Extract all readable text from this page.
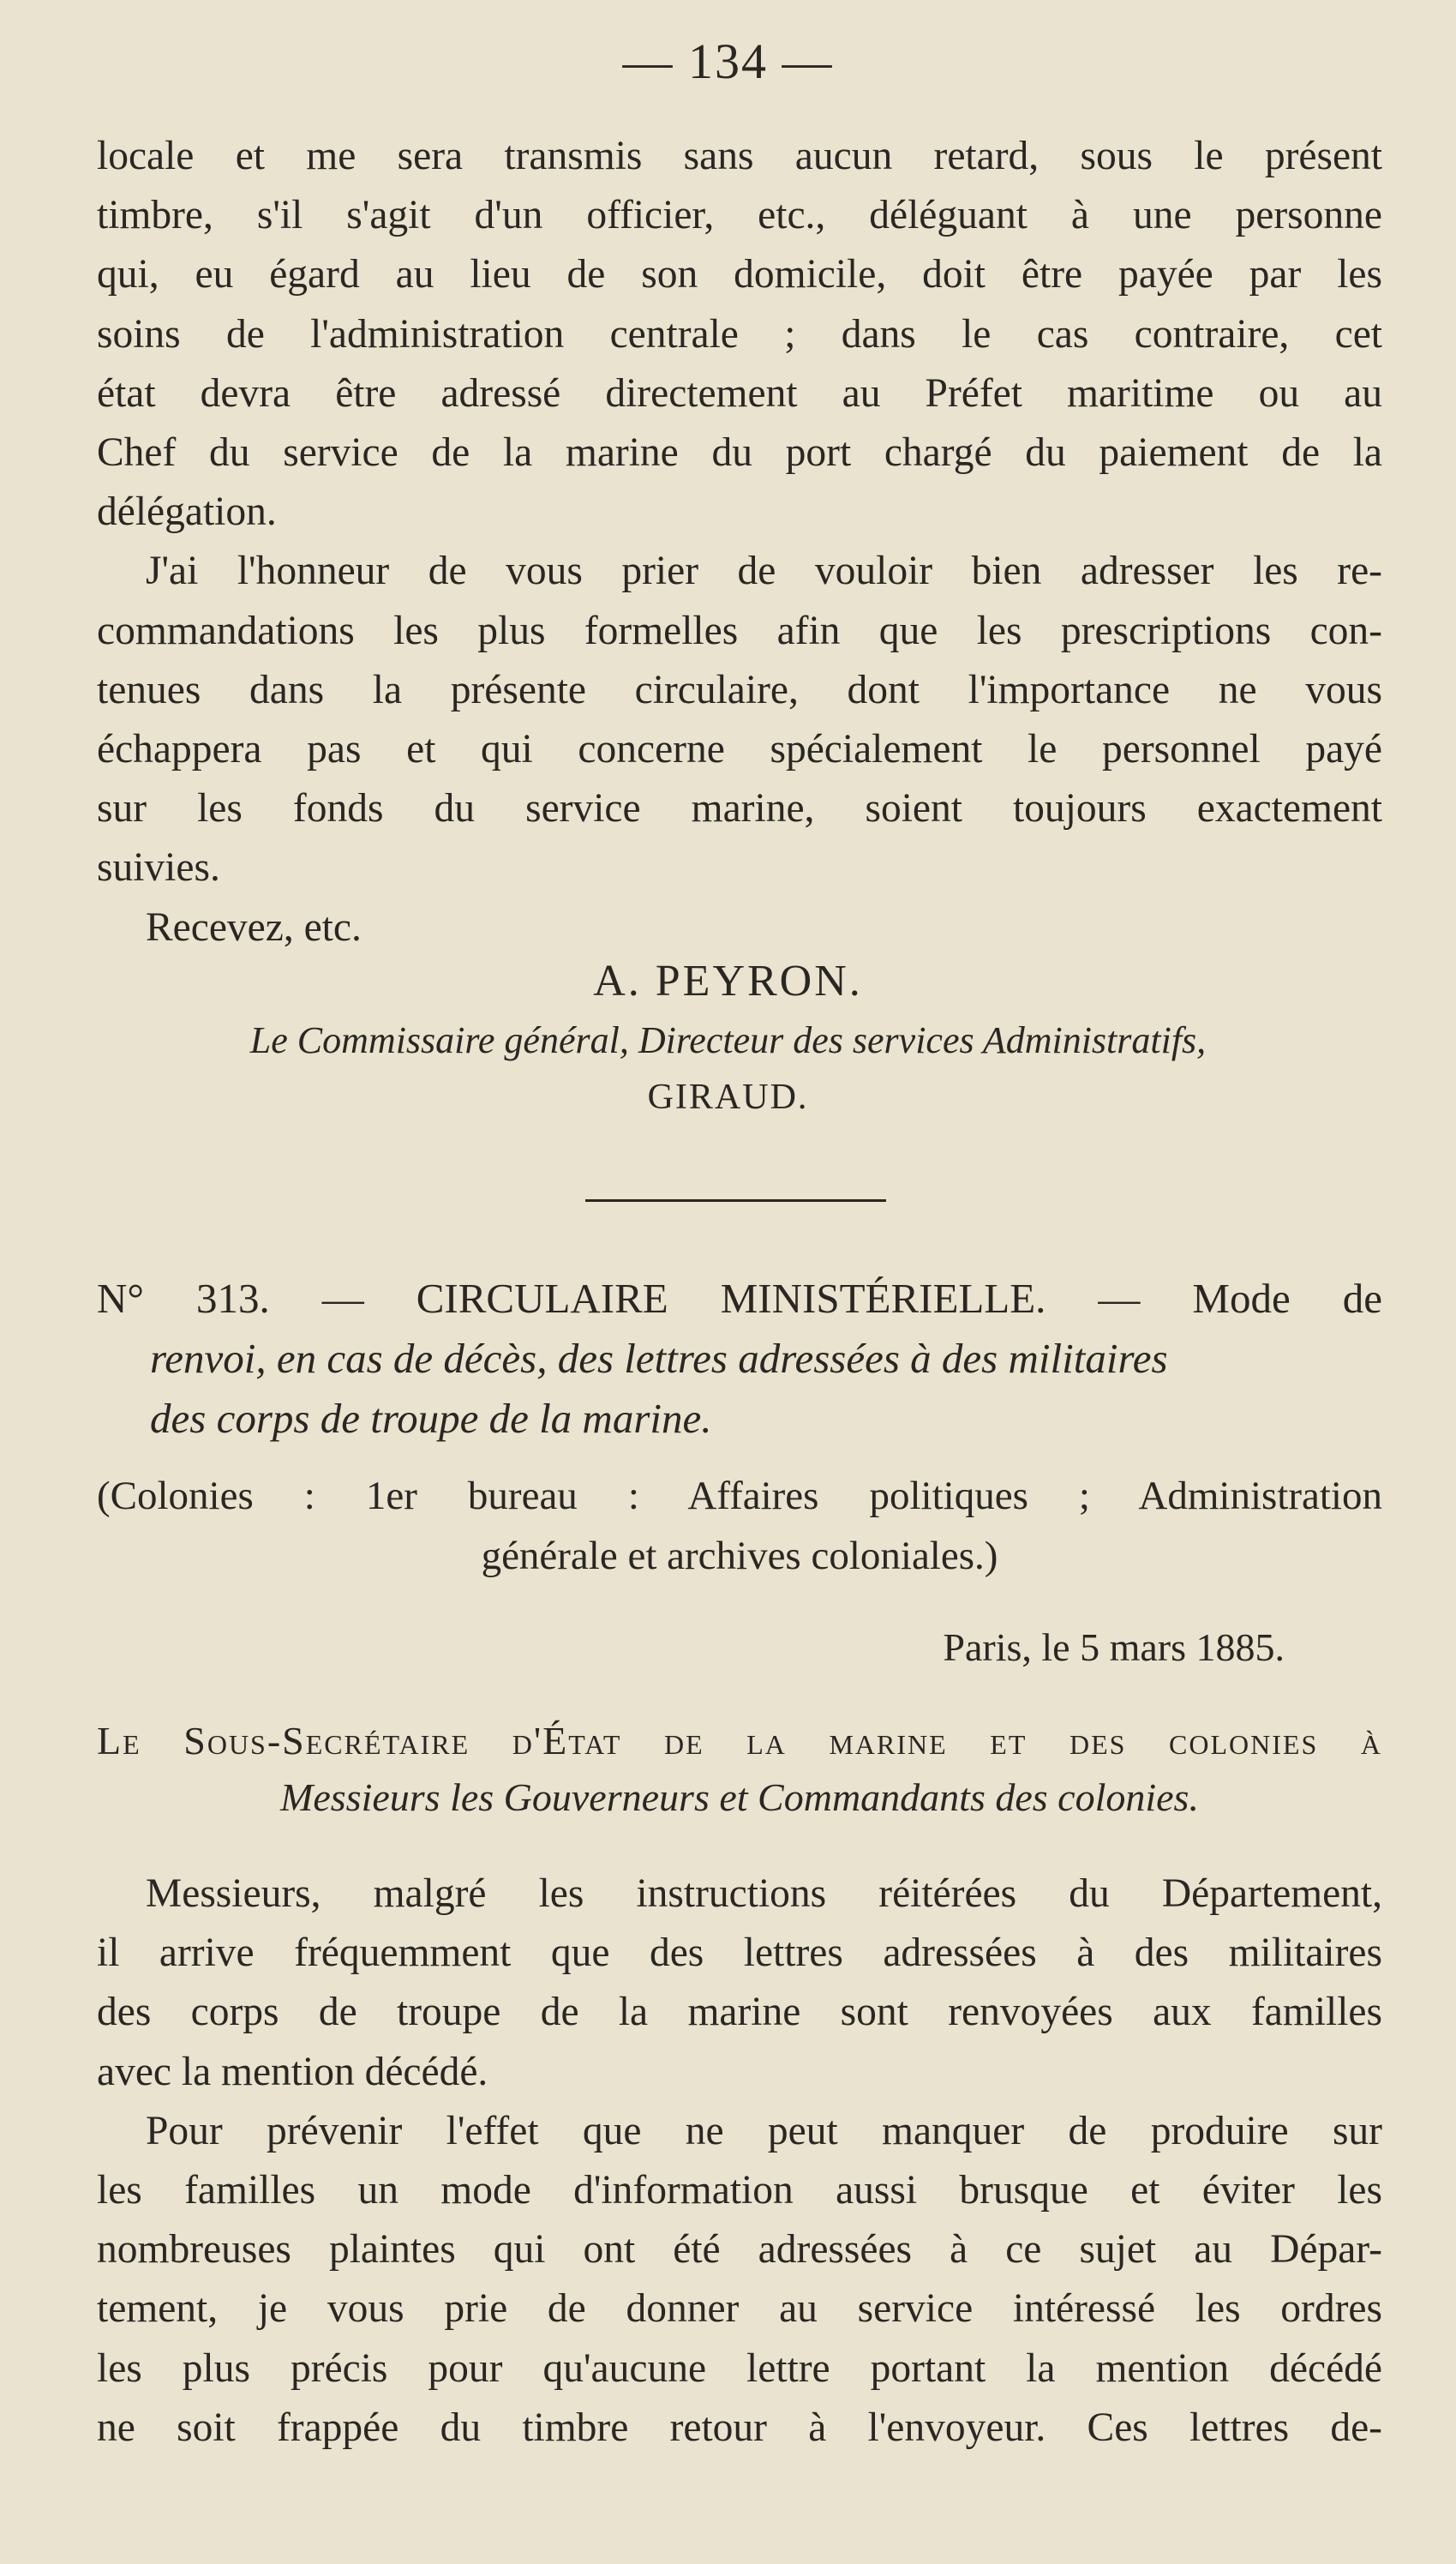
— 134 —

locale et me sera transmis sans aucun retard, sous le présent

timbre, s'il s'agit d'un officier, etc., déléguant à une personne

qui, eu égard au lieu de son domicile, doit être payée par les

soins de l'administration centrale ; dans le cas contraire, cet

état devra être adressé directement au Préfet maritime ou au

Chef du service de la marine du port chargé du paiement de la

délégation.

J'ai l'honneur de vous prier de vouloir bien adresser les re-

commandations les plus formelles afin que les prescriptions con-

tenues dans la présente circulaire, dont l'importance ne vous

échappera pas et qui concerne spécialement le personnel payé

sur les fonds du service marine, soient toujours exactement

suivies.

Recevez, etc.

A. PEYRON.
Le Commissaire général, Directeur des services Administratifs,
GIRAUD.
N° 313. — CIRCULAIRE MINISTÉRIELLE. — Mode de
renvoi, en cas de décès, des lettres adressées à des militaires
des corps de troupe de la marine.
(Colonies : 1er bureau : Affaires politiques ; Administration
générale et archives coloniales.)
Paris, le 5 mars 1885.
Le Sous-Secrétaire d'État de la marine et des colonies à
Messieurs les Gouverneurs et Commandants des colonies.

Messieurs, malgré les instructions réitérées du Département,

il arrive fréquemment que des lettres adressées à des militaires

des corps de troupe de la marine sont renvoyées aux familles

avec la mention décédé.

Pour prévenir l'effet que ne peut manquer de produire sur

les familles un mode d'information aussi brusque et éviter les

nombreuses plaintes qui ont été adressées à ce sujet au Dépar-

tement, je vous prie de donner au service intéressé les ordres

les plus précis pour qu'aucune lettre portant la mention décédé

ne soit frappée du timbre retour à l'envoyeur. Ces lettres de-
